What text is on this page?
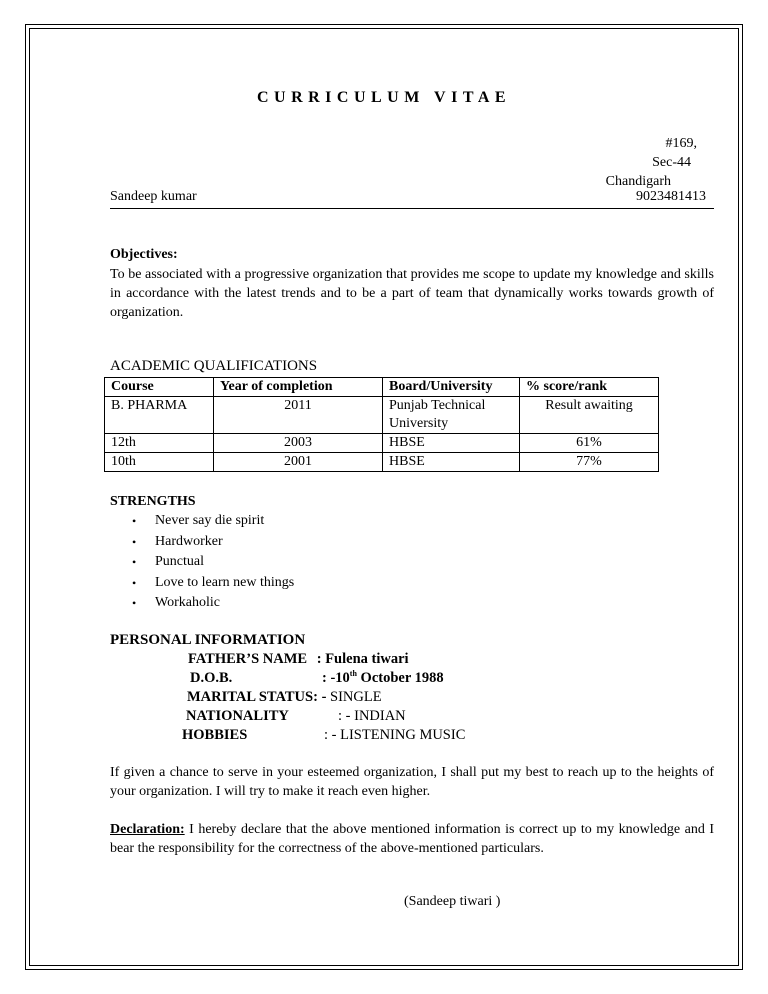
CURRICULUM VITAE
#169,
Sec-44
Chandigarh
Sandeep kumar	9023481413
Objectives:
To be associated with a progressive organization that provides me scope to update my knowledge and skills in accordance with the latest trends and to be a part of team that dynamically works towards growth of organization.
ACADEMIC QUALIFICATIONS
Course	Year of completion	Board/University	% score/rank
B. PHARMA	2011	Punjab Technical University	Result awaiting
12th	2003	HBSE	61%
10th	2001	HBSE	77%
STRENGTHS
• Never say die spirit
• Hardworker
• Punctual
• Love to learn new things
• Workaholic
PERSONAL INFORMATION
FATHER’S NAME : Fulena tiwari
D.O.B.	: -10th October 1988
MARITAL STATUS: - SINGLE
NATIONALITY	: - INDIAN
HOBBIES	: - LISTENING MUSIC
If given a chance to serve in your esteemed organization, I shall put my best to reach up to the heights of your organization. I will try to make it reach even higher.
Declaration: I hereby declare that the above mentioned information is correct up to my knowledge and I bear the responsibility for the correctness of the above-mentioned particulars.
(Sandeep tiwari )
